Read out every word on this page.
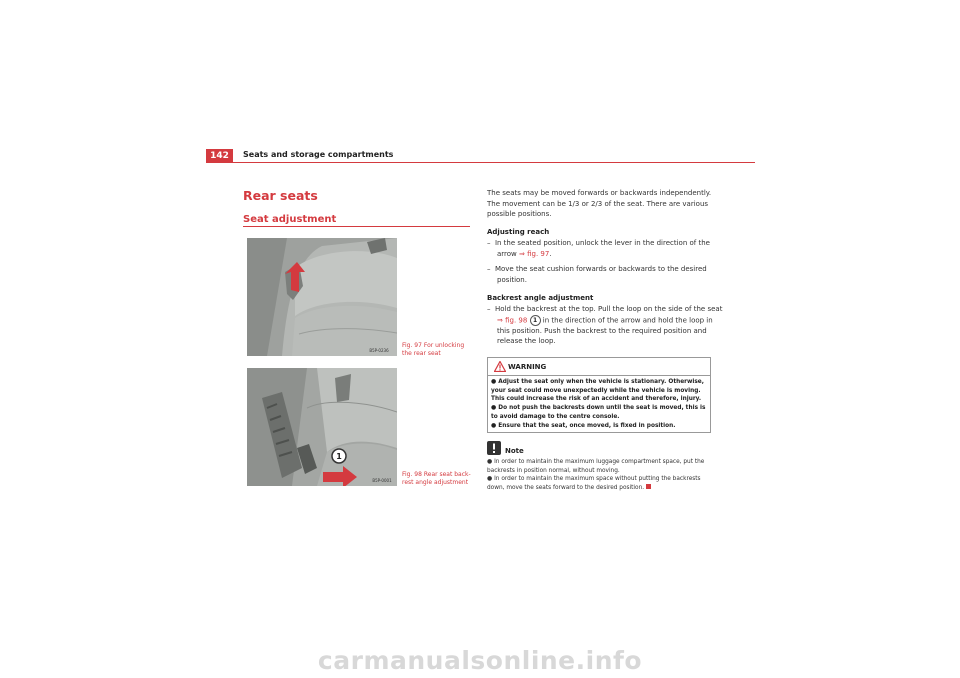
142	Seats and storage compartments
Rear seats
Seat adjustment
B5P-0236
Fig. 97 For unlocking the rear seat
1
B5P-0001
Fig. 98 Rear seat back-rest angle adjustment
The seats may be moved forwards or backwards independently. The movement can be 1/3 or 2/3 of the seat. There are various possible positions.
Adjusting reach
– In the seated position, unlock the lever in the direction of the arrow ⇒ fig. 97.
– Move the seat cushion forwards or backwards to the desired position.
Backrest angle adjustment
– Hold the backrest at the top. Pull the loop on the side of the seat ⇒ fig. 98 1 in the direction of the arrow and hold the loop in this position. Push the backrest to the required position and release the loop.
WARNING
● Adjust the seat only when the vehicle is stationary. Otherwise, your seat could move unexpectedly while the vehicle is moving. This could increase the risk of an accident and therefore, injury.
● Do not push the backrests down until the seat is moved, this is to avoid damage to the centre console.
● Ensure that the seat, once moved, is fixed in position.
Note
● In order to maintain the maximum luggage compartment space, put the backrests in position normal, without moving.
● In order to maintain the maximum space without putting the backrests down, move the seats forward to the desired position.
carmanualsonline.info
